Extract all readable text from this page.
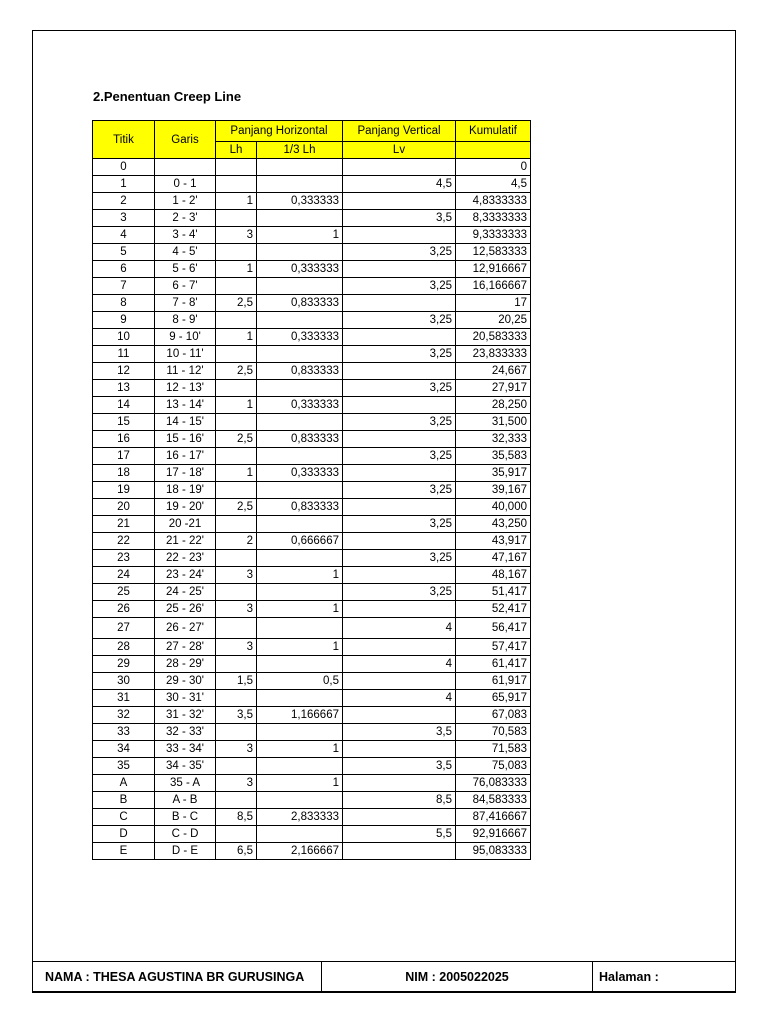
2.Penentuan Creep Line
Titik	Garis	Panjang Horizontal		Panjang Vertical	Kumulatif
		Lh	1/3 Lh	Lv	
0					0
1	0 - 1			4,5	4,5
2	1 - 2'	1	0,333333		4,8333333
3	2 - 3'			3,5	8,3333333
4	3 - 4'	3	1		9,3333333
5	4 - 5'			3,25	12,583333
6	5 - 6'	1	0,333333		12,916667
7	6 - 7'			3,25	16,166667
8	7 - 8'	2,5	0,833333		17
9	8 - 9'			3,25	20,25
10	9 - 10'	1	0,333333		20,583333
11	10 - 11'			3,25	23,833333
12	11 - 12'	2,5	0,833333		24,667
13	12 - 13'			3,25	27,917
14	13 - 14'	1	0,333333		28,250
15	14 - 15'			3,25	31,500
16	15 - 16'	2,5	0,833333		32,333
17	16 - 17'			3,25	35,583
18	17 - 18'	1	0,333333		35,917
19	18 - 19'			3,25	39,167
20	19 - 20'	2,5	0,833333		40,000
21	20 -21			3,25	43,250
22	21 - 22'	2	0,666667		43,917
23	22 - 23'			3,25	47,167
24	23 - 24'	3	1		48,167
25	24 - 25'			3,25	51,417
26	25 - 26'	3	1		52,417
27	26 - 27'			4	56,417
28	27 - 28'	3	1		57,417
29	28 - 29'			4	61,417
30	29 - 30'	1,5	0,5		61,917
31	30 - 31'			4	65,917
32	31 - 32'	3,5	1,166667		67,083
33	32 - 33'			3,5	70,583
34	33 - 34'	3	1		71,583
35	34 - 35'			3,5	75,083
A	35 - A	3	1		76,083333
B	A - B			8,5	84,583333
C	B - C	8,5	2,833333		87,416667
D	C - D			5,5	92,916667
E	D - E	6,5	2,166667		95,083333
NAMA : THESA AGUSTINA BR GURUSINGA	NIM : 2005022025	Halaman :
